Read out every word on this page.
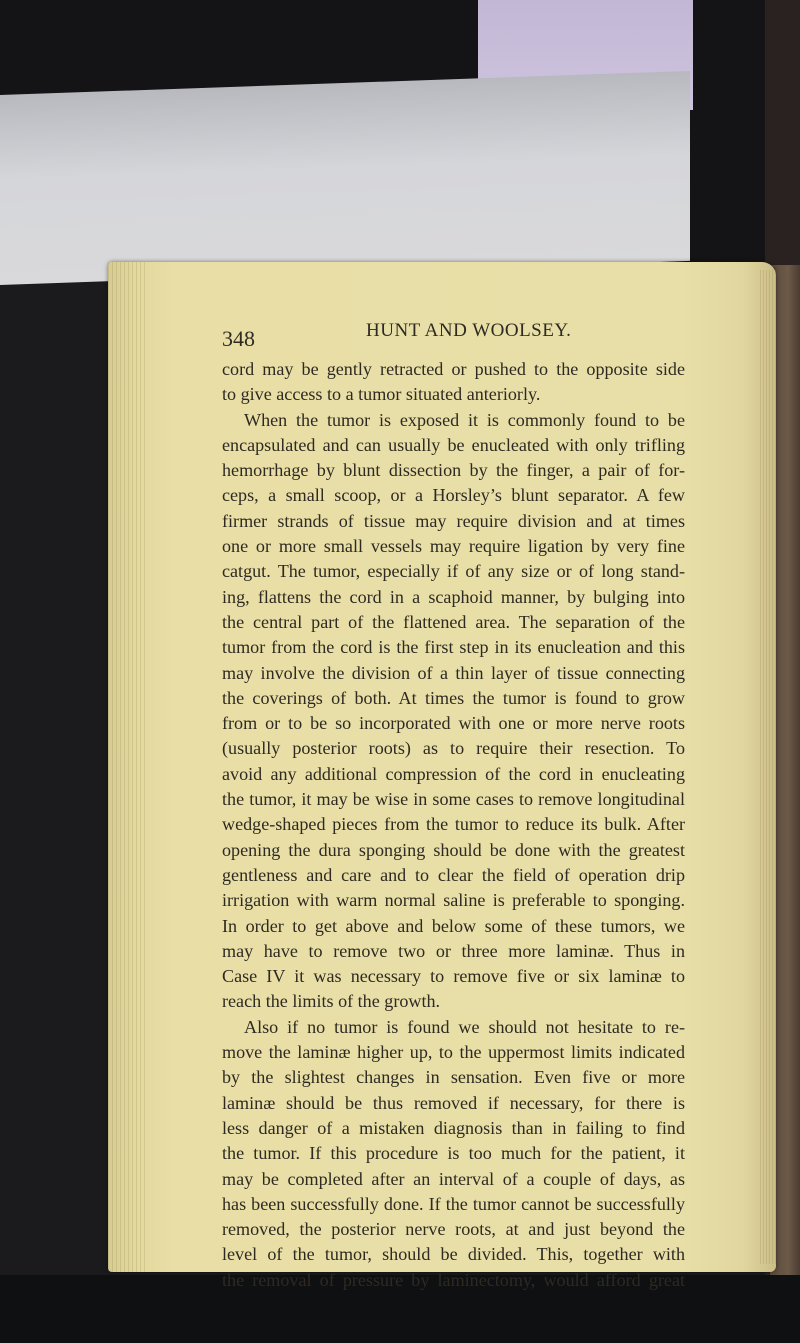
348	HUNT AND WOOLSEY.
cord may be gently retracted or pushed to the opposite side
to give access to a tumor situated anteriorly.
When the tumor is exposed it is commonly found to be
encapsulated and can usually be enucleated with only trifling
hemorrhage by blunt dissection by the finger, a pair of for-
ceps, a small scoop, or a Horsley’s blunt separator. A few
firmer strands of tissue may require division and at times
one or more small vessels may require ligation by very fine
catgut. The tumor, especially if of any size or of long stand-
ing, flattens the cord in a scaphoid manner, by bulging into
the central part of the flattened area. The separation of the
tumor from the cord is the first step in its enucleation and this
may involve the division of a thin layer of tissue connecting
the coverings of both. At times the tumor is found to grow
from or to be so incorporated with one or more nerve roots
(usually posterior roots) as to require their resection. To
avoid any additional compression of the cord in enucleating
the tumor, it may be wise in some cases to remove longitudinal
wedge-shaped pieces from the tumor to reduce its bulk. After
opening the dura sponging should be done with the greatest
gentleness and care and to clear the field of operation drip
irrigation with warm normal saline is preferable to sponging.
In order to get above and below some of these tumors, we
may have to remove two or three more laminæ. Thus in
Case IV it was necessary to remove five or six laminæ to
reach the limits of the growth.
Also if no tumor is found we should not hesitate to re-
move the laminæ higher up, to the uppermost limits indicated
by the slightest changes in sensation. Even five or more
laminæ should be thus removed if necessary, for there is
less danger of a mistaken diagnosis than in failing to find
the tumor. If this procedure is too much for the patient, it
may be completed after an interval of a couple of days, as
has been successfully done. If the tumor cannot be successfully
removed, the posterior nerve roots, at and just beyond the
level of the tumor, should be divided. This, together with
the removal of pressure by laminectomy, would afford great
